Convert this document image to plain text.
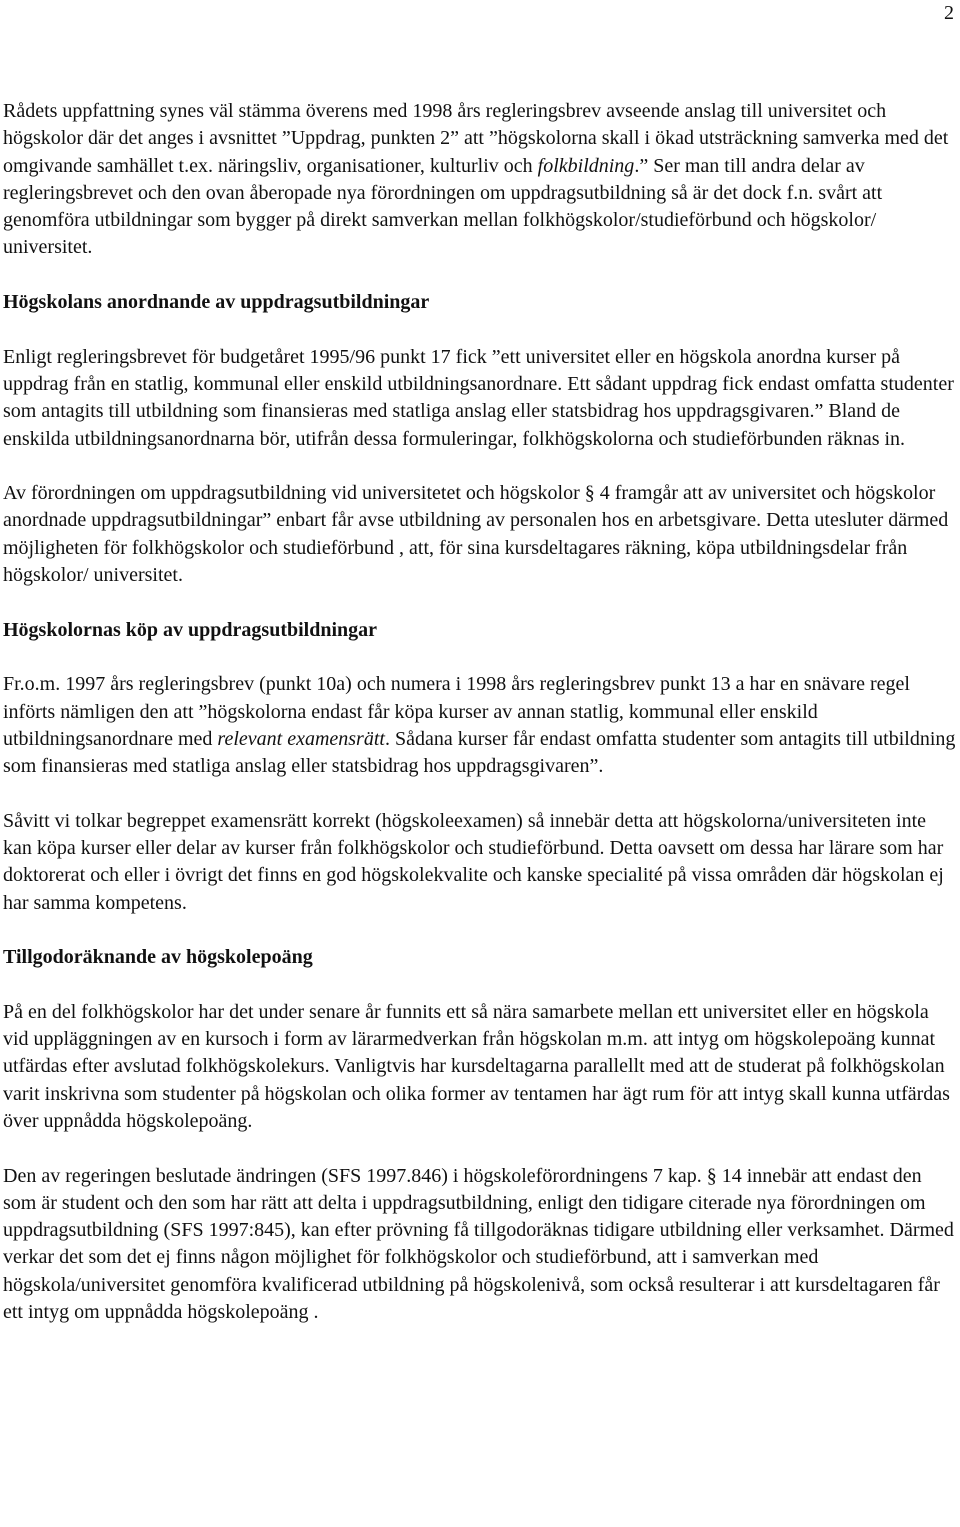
2

Rådets uppfattning synes väl stämma överens med 1998 års regleringsbrev avseende anslag till universitet och högskolor där det anges i avsnittet ”Uppdrag, punkten 2” att ”högskolorna skall i ökad utsträckning samverka med det omgivande samhället t.ex. näringsliv, organisationer, kulturliv och folkbildning.” Ser man till andra delar av regleringsbrevet och den ovan åberopade nya förordningen om uppdragsutbildning så är det dock f.n. svårt att genomföra utbildningar som bygger på direkt samverkan mellan folkhögskolor/studieförbund och högskolor/ universitet.

Högskolans anordnande av uppdragsutbildningar

Enligt regleringsbrevet för budgetåret 1995/96 punkt 17 fick ”ett universitet eller en högskola anordna kurser på uppdrag från en statlig, kommunal eller enskild utbildningsanordnare. Ett sådant uppdrag fick endast omfatta studenter som antagits till utbildning som finansieras med statliga anslag eller statsbidrag hos uppdragsgivaren.” Bland de enskilda utbildningsanordnarna bör, utifrån dessa formuleringar, folkhögskolorna och studieförbunden räknas in.

Av förordningen om uppdragsutbildning vid universitetet och högskolor § 4 framgår att av universitet och högskolor anordnade uppdragsutbildningar” enbart får avse utbildning av personalen hos en arbetsgivare. Detta utesluter därmed möjligheten för folkhögskolor och studieförbund , att, för sina kursdeltagares räkning, köpa utbildningsdelar från högskolor/ universitet.

Högskolornas köp av uppdragsutbildningar

Fr.o.m. 1997 års regleringsbrev (punkt 10a) och numera i 1998 års regleringsbrev punkt 13 a har en snävare regel införts nämligen den att ”högskolorna endast får köpa kurser av annan statlig, kommunal eller enskild utbildningsanordnare med relevant examensrätt. Sådana kurser får endast omfatta studenter som antagits till utbildning som finansieras med statliga anslag eller statsbidrag hos uppdragsgivaren”.

Såvitt vi tolkar begreppet examensrätt korrekt (högskoleexamen) så innebär detta att högskolorna/universiteten inte kan köpa kurser eller delar av kurser från folkhögskolor och studieförbund. Detta oavsett om dessa har lärare som har doktorerat och eller i övrigt det finns en god högskolekvalite och kanske specialité på vissa områden där högskolan ej har samma kompetens.

Tillgodoräknande av högskolepoäng

På en del folkhögskolor har det under senare år funnits ett så nära samarbete mellan ett universitet eller en högskola vid uppläggningen av en kursoch i form av lärarmedverkan från högskolan m.m. att intyg om högskolepoäng kunnat utfärdas efter avslutad folkhögskolekurs. Vanligtvis har kursdeltagarna parallellt med att de studerat på folkhögskolan varit inskrivna som studenter på högskolan och olika former av tentamen har ägt rum för att intyg skall kunna utfärdas över uppnådda högskolepoäng.

Den av regeringen beslutade ändringen (SFS 1997.846) i högskoleförordningens 7 kap. § 14 innebär att endast den som är student och den som har rätt att delta i uppdragsutbildning, enligt den tidigare citerade nya förordningen om uppdragsutbildning (SFS 1997:845), kan efter prövning få tillgodoräknas tidigare utbildning eller verksamhet. Därmed verkar det som det ej finns någon möjlighet för folkhögskolor och studieförbund, att i samverkan med högskola/universitet genomföra kvalificerad utbildning på högskolenivå, som också resulterar i att kursdeltagaren får ett intyg om uppnådda högskolepoäng .
